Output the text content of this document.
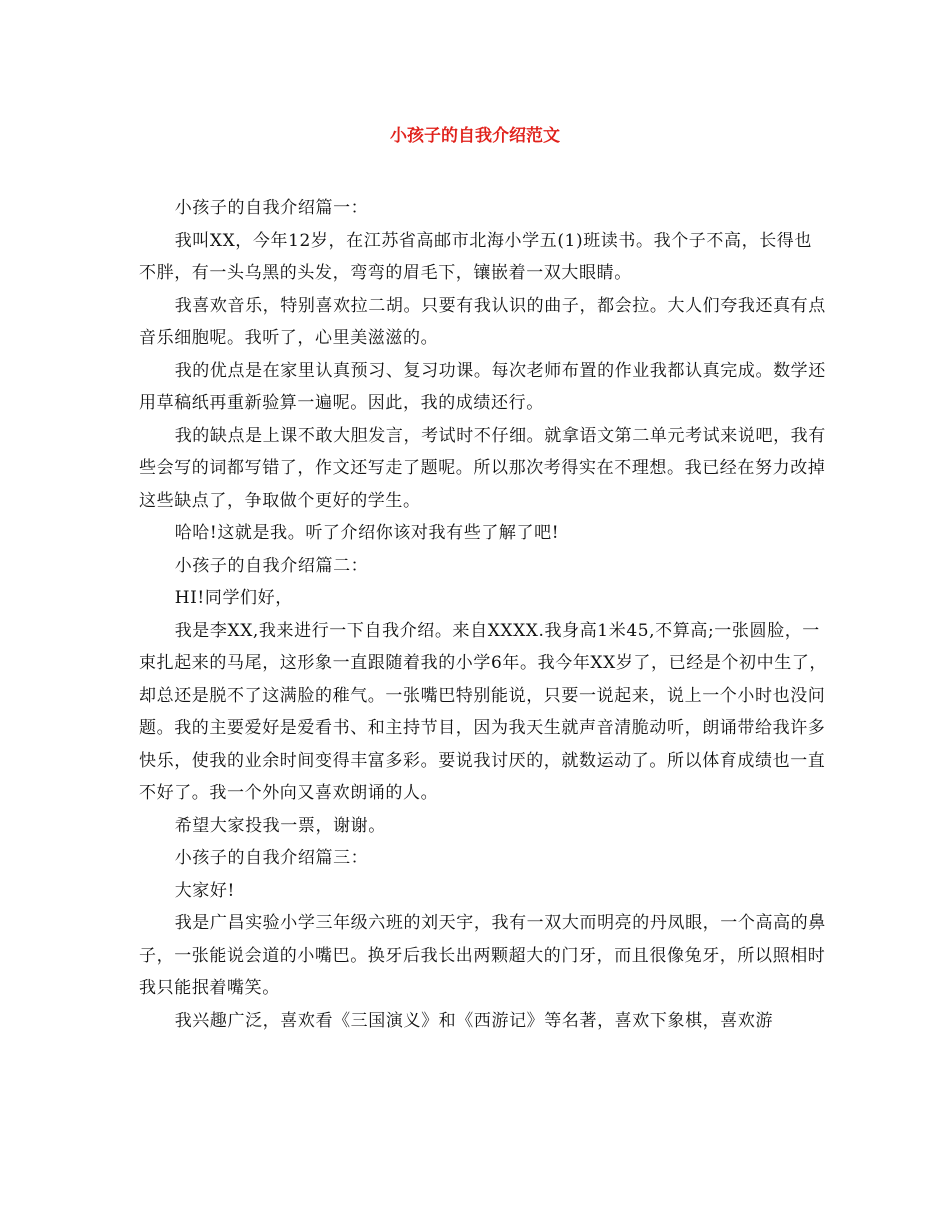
小孩子的自我介绍范文

小孩子的自我介绍篇一：

我叫XX，今年12岁，在江苏省高邮市北海小学五(1)班读书。我个子不高，长得也不胖，有一头乌黑的头发，弯弯的眉毛下，镶嵌着一双大眼睛。

我喜欢音乐，特别喜欢拉二胡。只要有我认识的曲子，都会拉。大人们夸我还真有点音乐细胞呢。我听了，心里美滋滋的。

我的优点是在家里认真预习、复习功课。每次老师布置的作业我都认真完成。数学还用草稿纸再重新验算一遍呢。因此，我的成绩还行。

我的缺点是上课不敢大胆发言，考试时不仔细。就拿语文第二单元考试来说吧，我有些会写的词都写错了，作文还写走了题呢。所以那次考得实在不理想。我已经在努力改掉这些缺点了，争取做个更好的学生。

哈哈!这就是我。听了介绍你该对我有些了解了吧!

小孩子的自我介绍篇二：

HI!同学们好，

我是李XX,我来进行一下自我介绍。来自XXXX.我身高1米45,不算高;一张圆脸，一束扎起来的马尾，这形象一直跟随着我的小学6年。我今年XX岁了，已经是个初中生了，却总还是脱不了这满脸的稚气。一张嘴巴特别能说，只要一说起来，说上一个小时也没问题。我的主要爱好是爱看书、和主持节目，因为我天生就声音清脆动听，朗诵带给我许多快乐，使我的业余时间变得丰富多彩。要说我讨厌的，就数运动了。所以体育成绩也一直不好了。我一个外向又喜欢朗诵的人。

希望大家投我一票，谢谢。

小孩子的自我介绍篇三：

大家好!

我是广昌实验小学三年级六班的刘天宇，我有一双大而明亮的丹凤眼，一个高高的鼻子，一张能说会道的小嘴巴。换牙后我长出两颗超大的门牙，而且很像兔牙，所以照相时我只能抿着嘴笑。

我兴趣广泛，喜欢看《三国演义》和《西游记》等名著，喜欢下象棋，喜欢游
